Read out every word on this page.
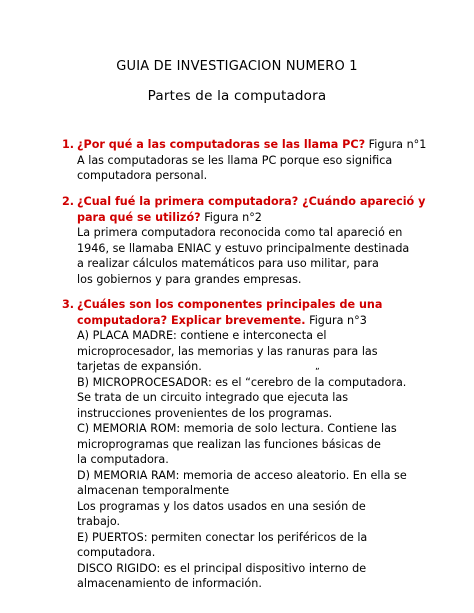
GUIA DE INVESTIGACION NUMERO 1
Partes de la computadora
1. ¿Por qué a las computadoras se las llama PC? Figura n°1
A las computadoras se les llama PC porque eso significa
computadora personal.
2. ¿Cual fué la primera computadora? ¿Cuándo apareció y
para qué se utilizó? Figura n°2
La primera computadora reconocida como tal apareció en
1946, se llamaba ENIAC y estuvo principalmente destinada
a realizar cálculos matemáticos para uso militar, para
los gobiernos y para grandes empresas.
3. ¿Cuáles son los componentes principales de una
computadora? Explicar brevemente. Figura n°3
A) PLACA MADRE: contiene e interconecta el
microprocesador, las memorias y las ranuras para las
tarjetas de expansión.
B) MICROPROCESADOR: es el “cerebro de la computadora.
Se trata de un circuito integrado que ejecuta las
instrucciones provenientes de los programas.
C) MEMORIA ROM: memoria de solo lectura. Contiene las
microprogramas que realizan las funciones básicas de
la computadora.
D) MEMORIA RAM: memoria de acceso aleatorio. En ella se
almacenan temporalmente
Los programas y los datos usados en una sesión de
trabajo.
E) PUERTOS: permiten conectar los periféricos de la
computadora.
DISCO RIGIDO: es el principal dispositivo interno de
almacenamiento de información.
„
